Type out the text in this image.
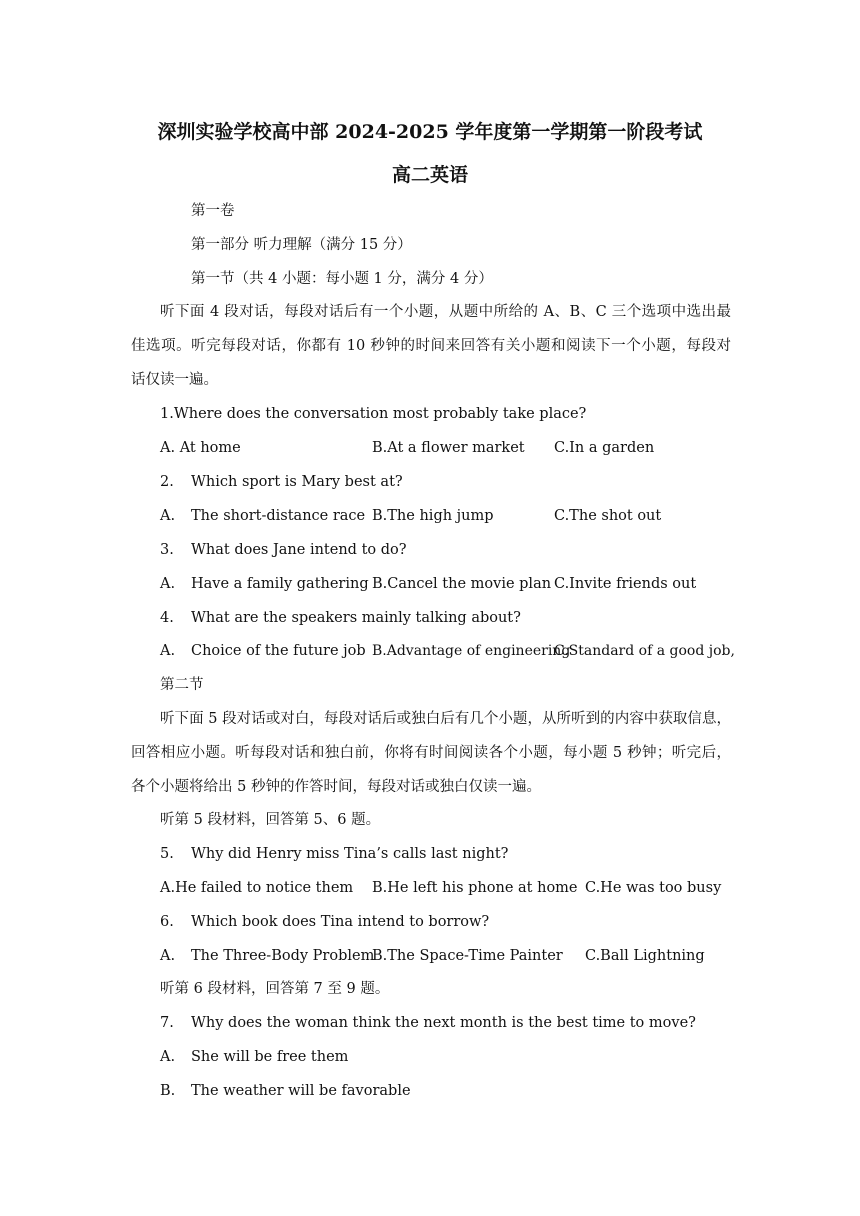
深圳实验学校高中部 2024-2025 学年度第一学期第一阶段考试
高二英语
第一卷
第一部分 听力理解（满分 15 分）
第一节（共 4 小题：每小题 1 分，满分 4 分）
听下面 4 段对话，每段对话后有一个小题，从题中所给的 A、B、C 三个选项中选出最
佳选项。听完每段对话，你都有 10 秒钟的时间来回答有关小题和阅读下一个小题，每段对
话仅读一遍。
1.Where does the conversation most probably take place?
A. At home	B.At a flower market C.In a garden
2. Which sport is Mary best at?
A. The short-distance race B.The high jump	C.The shot out
3. What does Jane intend to do?
A. Have a family gathering B.Cancel the movie plan C.Invite friends out
4. What are the speakers mainly talking about?
A. Choice of the future job B.Advantage of engineering
C.Standard of a good job,
第二节
听下面 5 段对话或对白，每段对话后或独白后有几个小题，从所听到的内容中获取信息，
回答相应小题。听每段对话和独白前，你将有时间阅读各个小题，每小题 5 秒钟；听完后，
各个小题将给出 5 秒钟的作答时间，每段对话或独白仅读一遍。
听第 5 段材料，回答第 5、6 题。
5. Why did Henry miss Tina’s calls last night?
A.He failed to notice them B.He left his phone at home C.He was too busy
6. Which book does Tina intend to borrow?
A. The Three-Body Problem
B.The Space-Time Painter C.Ball Lightning
听第 6 段材料，回答第 7 至 9 题。
7. Why does the woman think the next month is the best time to move?
A. She will be free them
B. The weather will be favorable
